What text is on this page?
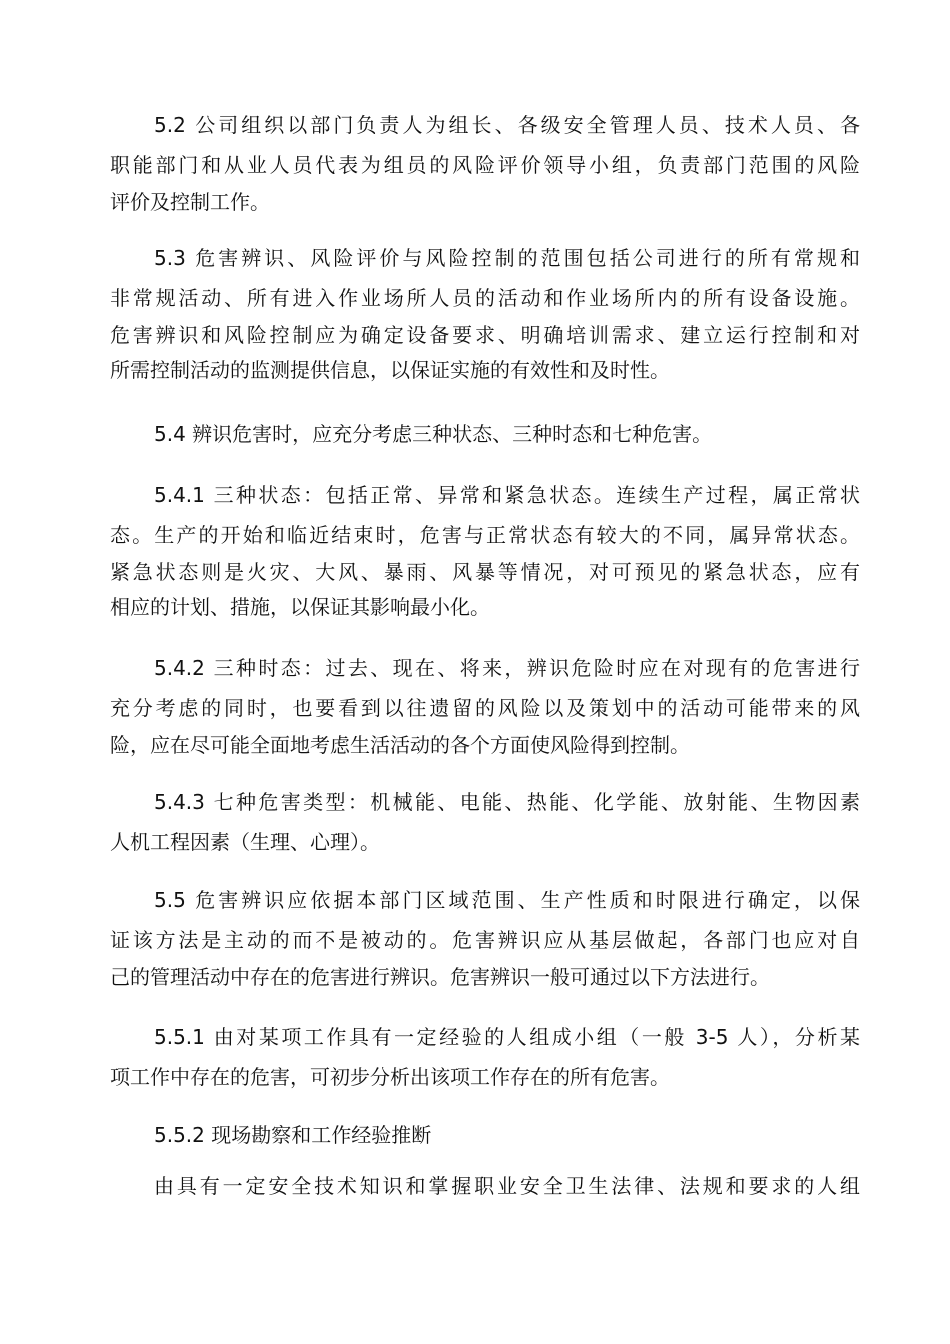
5.2 公司组织以部门负责人为组长、各级安全管理人员、技术人员、各
职能部门和从业人员代表为组员的风险评价领导小组，负责部门范围的风险
评价及控制工作。
5.3 危害辨识、风险评价与风险控制的范围包括公司进行的所有常规和
非常规活动、所有进入作业场所人员的活动和作业场所内的所有设备设施。
危害辨识和风险控制应为确定设备要求、明确培训需求、建立运行控制和对
所需控制活动的监测提供信息，以保证实施的有效性和及时性。
5.4 辨识危害时，应充分考虑三种状态、三种时态和七种危害。
5.4.1 三种状态：包括正常、异常和紧急状态。连续生产过程，属正常状
态。生产的开始和临近结束时，危害与正常状态有较大的不同，属异常状态。
紧急状态则是火灾、大风、暴雨、风暴等情况，对可预见的紧急状态，应有
相应的计划、措施，以保证其影响最小化。
5.4.2 三种时态：过去、现在、将来，辨识危险时应在对现有的危害进行
充分考虑的同时，也要看到以往遗留的风险以及策划中的活动可能带来的风
险，应在尽可能全面地考虑生活活动的各个方面使风险得到控制。
5.4.3 七种危害类型：机械能、电能、热能、化学能、放射能、生物因素
人机工程因素（生理、心理）。
5.5 危害辨识应依据本部门区域范围、生产性质和时限进行确定，以保
证该方法是主动的而不是被动的。危害辨识应从基层做起，各部门也应对自
己的管理活动中存在的危害进行辨识。危害辨识一般可通过以下方法进行。
5.5.1 由对某项工作具有一定经验的人组成小组（一般 3-5 人），分析某
项工作中存在的危害，可初步分析出该项工作存在的所有危害。
5.5.2 现场勘察和工作经验推断
由具有一定安全技术知识和掌握职业安全卫生法律、法规和要求的人组
